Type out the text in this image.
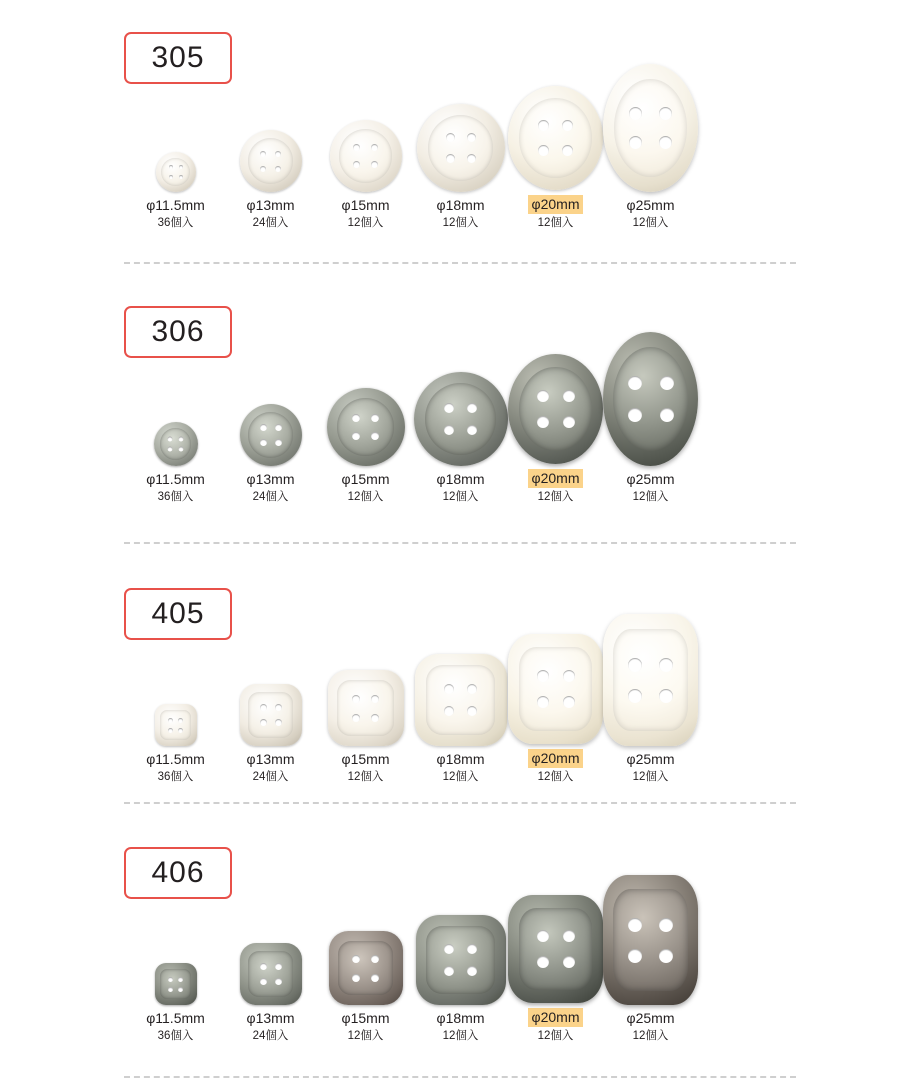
305
φ11.5mm
36個入
φ13mm
24個入
φ15mm
12個入
φ18mm
12個入
φ20mm
12個入
φ25mm
12個入
306
φ11.5mm
36個入
φ13mm
24個入
φ15mm
12個入
φ18mm
12個入
φ20mm
12個入
φ25mm
12個入
405
φ11.5mm
36個入
φ13mm
24個入
φ15mm
12個入
φ18mm
12個入
φ20mm
12個入
φ25mm
12個入
406
φ11.5mm
36個入
φ13mm
24個入
φ15mm
12個入
φ18mm
12個入
φ20mm
12個入
φ25mm
12個入
